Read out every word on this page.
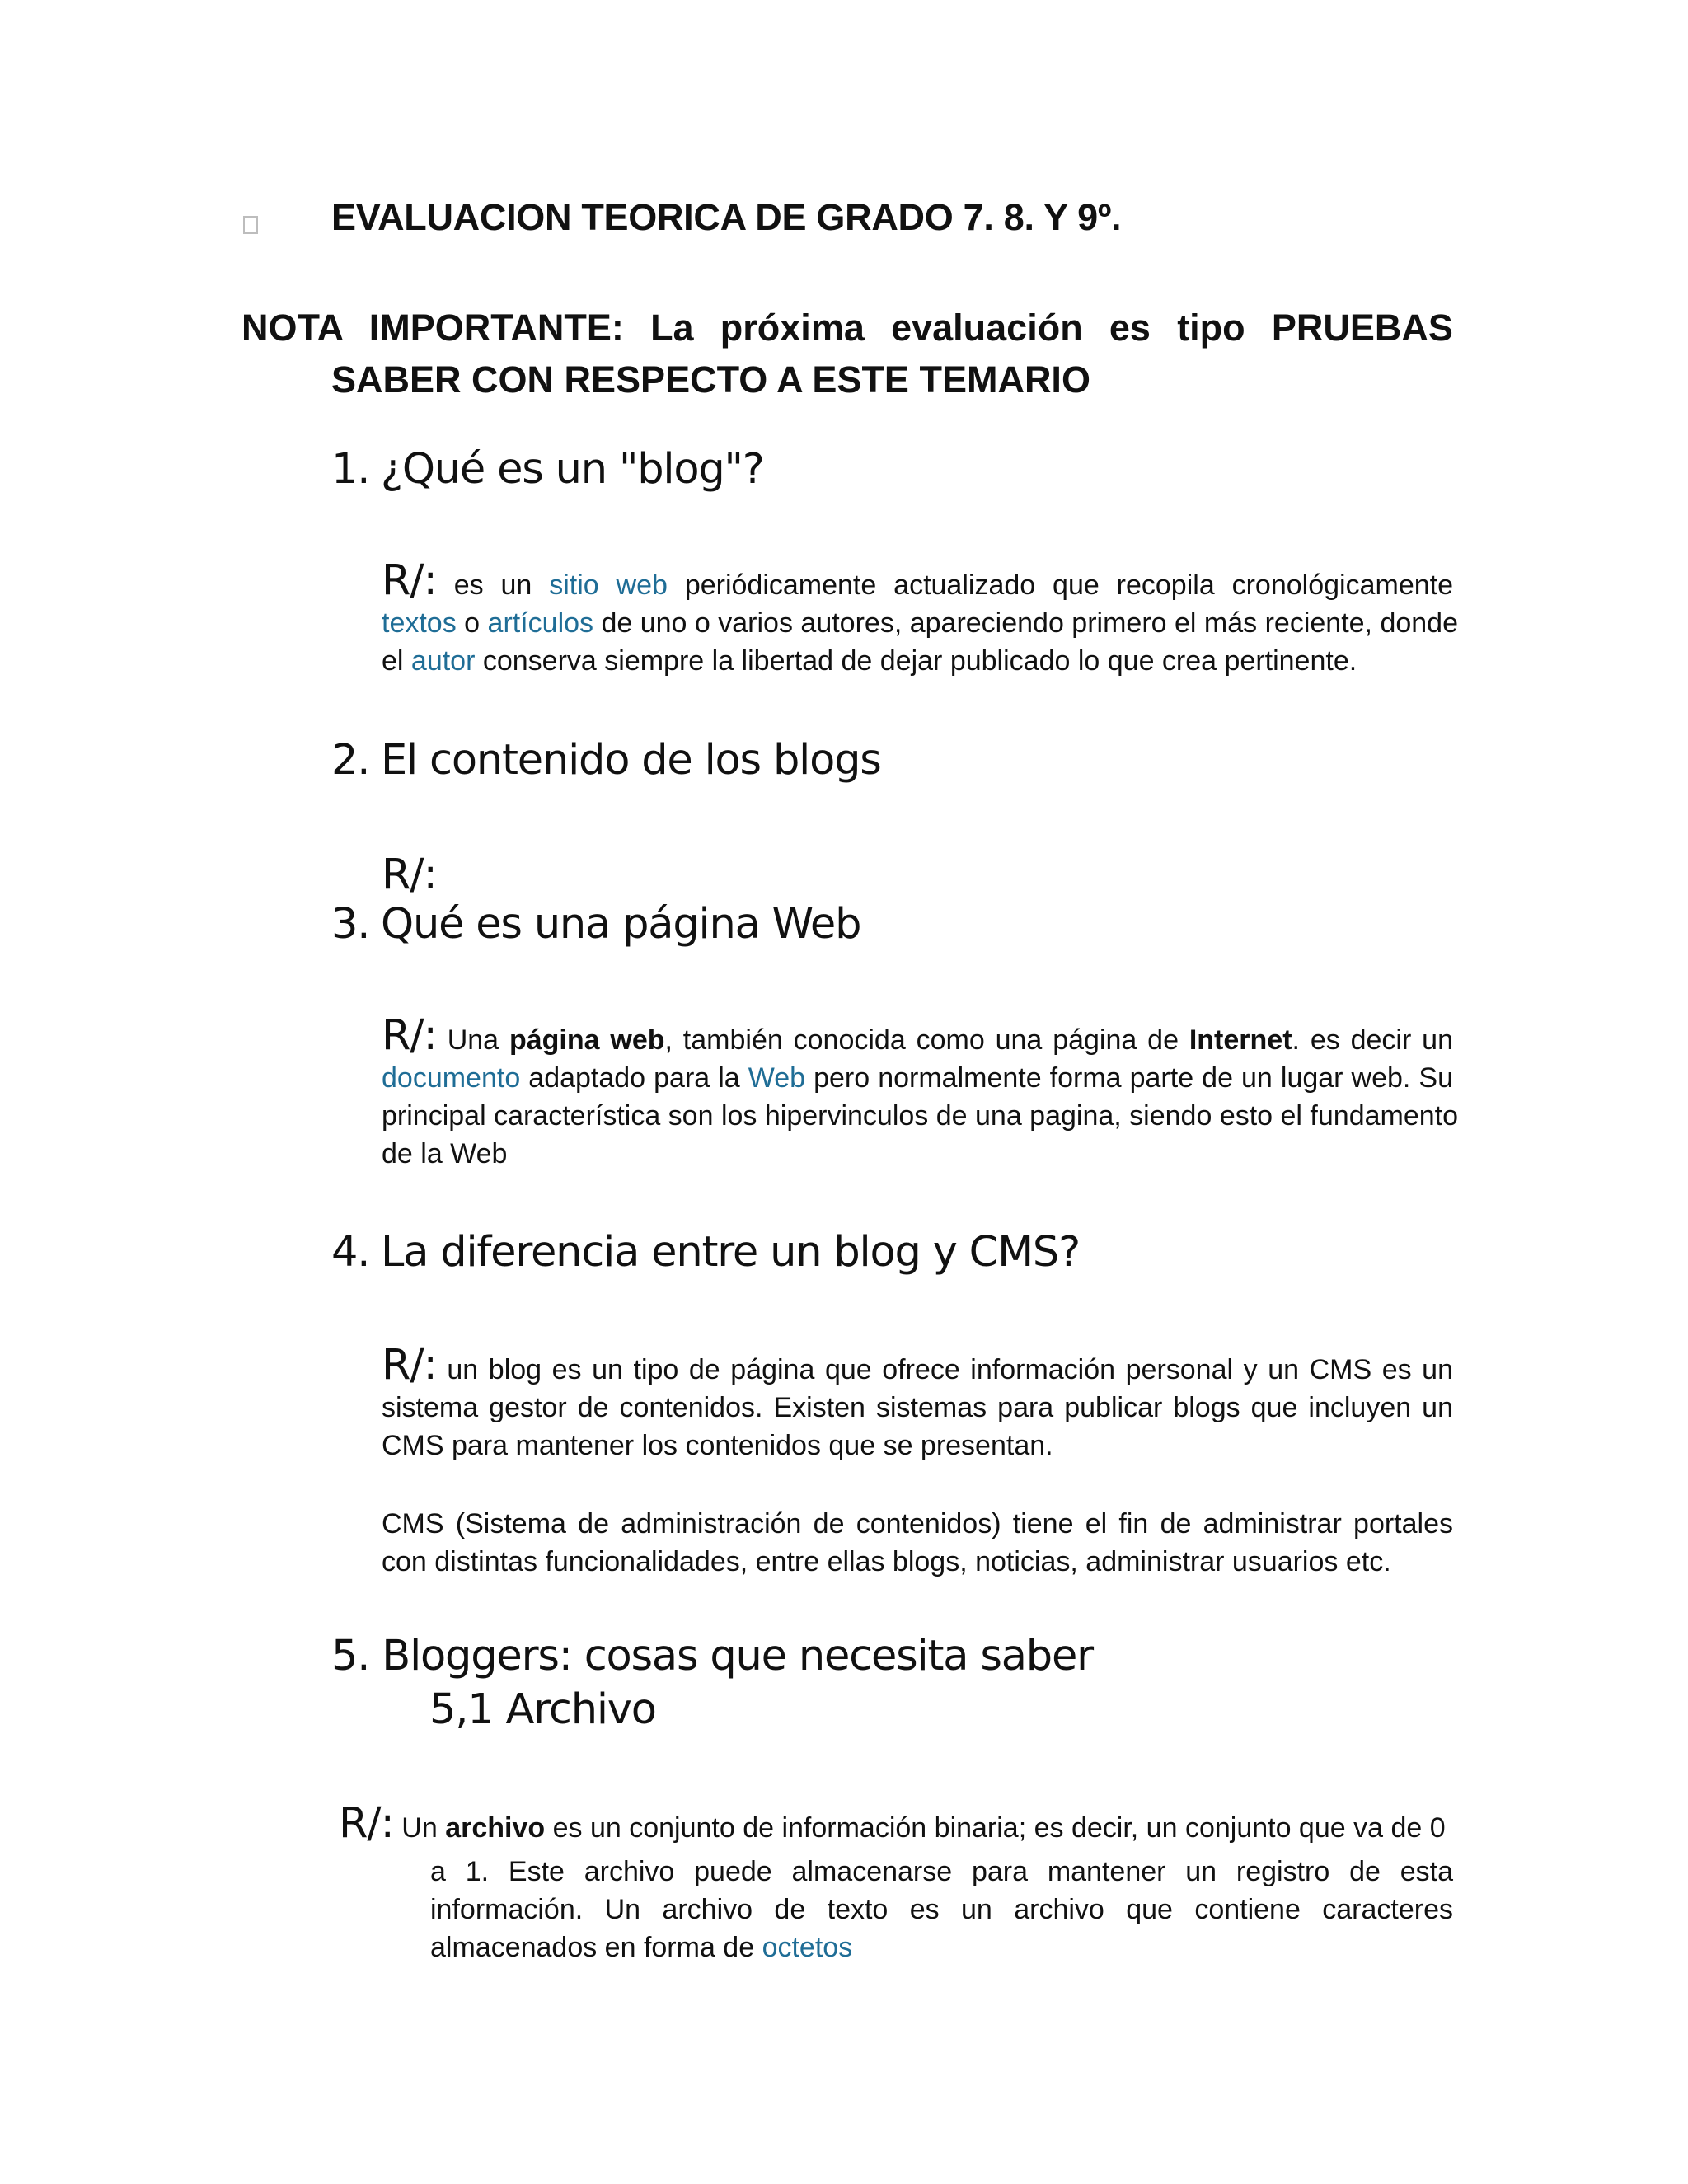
EVALUACION TEORICA DE GRADO 7. 8. Y 9º.
NOTA IMPORTANTE: La próxima evaluación es tipo PRUEBAS
SABER CON RESPECTO A ESTE TEMARIO
1. ¿Qué es un "blog"?
R/: es un sitio web periódicamente actualizado que recopila cronológicamente
textos o artículos de uno o varios autores, apareciendo primero el más reciente, donde
el autor conserva siempre la libertad de dejar publicado lo que crea pertinente.
2. El contenido de los blogs
R/:
3. Qué es una página Web
R/: Una página web, también conocida como una página de Internet. es decir un
documento adaptado para la Web pero normalmente forma parte de un lugar web. Su
principal característica son los hipervinculos de una pagina, siendo esto el fundamento
de la Web
4. La diferencia entre un blog y CMS?
R/: un blog es un tipo de página que ofrece información personal y un CMS es un
sistema gestor de contenidos. Existen sistemas para publicar blogs que incluyen un
CMS para mantener los contenidos que se presentan.
CMS (Sistema de administración de contenidos) tiene el fin de administrar portales
con distintas funcionalidades, entre ellas blogs, noticias, administrar usuarios etc.
5. Bloggers: cosas que necesita saber
5,1 Archivo
R/: Un archivo es un conjunto de información binaria; es decir, un conjunto que va de 0
a 1. Este archivo puede almacenarse para mantener un registro de esta
información. Un archivo de texto es un archivo que contiene caracteres
almacenados en forma de octetos
